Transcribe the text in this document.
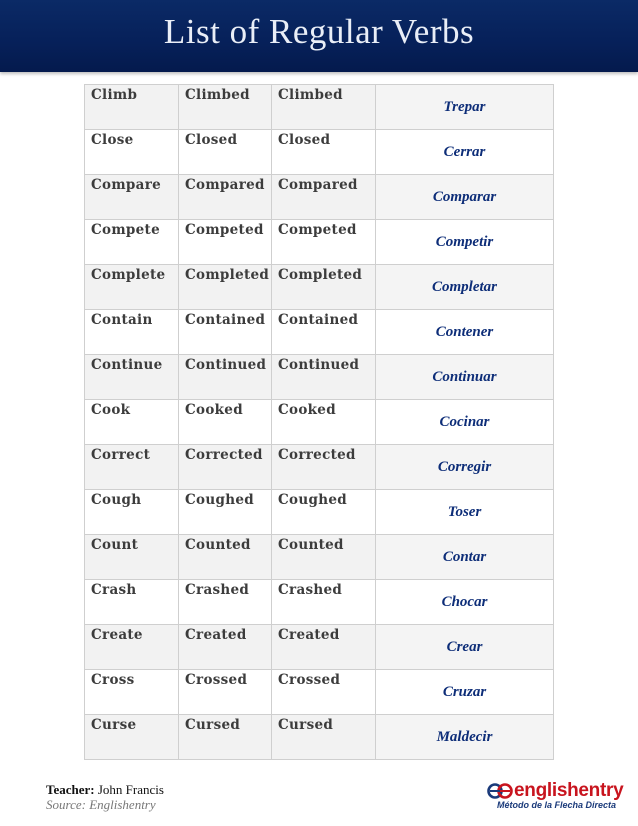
List of Regular Verbs
Climb	Climbed	Climbed	Trepar
Close	Closed	Closed	Cerrar
Compare	Compared	Compared	Comparar
Compete	Competed	Competed	Competir
Complete	Completed	Completed	Completar
Contain	Contained	Contained	Contener
Continue	Continued	Continued	Continuar
Cook	Cooked	Cooked	Cocinar
Correct	Corrected	Corrected	Corregir
Cough	Coughed	Coughed	Toser
Count	Counted	Counted	Contar
Crash	Crashed	Crashed	Chocar
Create	Created	Created	Crear
Cross	Crossed	Crossed	Cruzar
Curse	Cursed	Cursed	Maldecir
Teacher: John Francis
Source: Englishentry
englishentry
Método de la Flecha Directa
